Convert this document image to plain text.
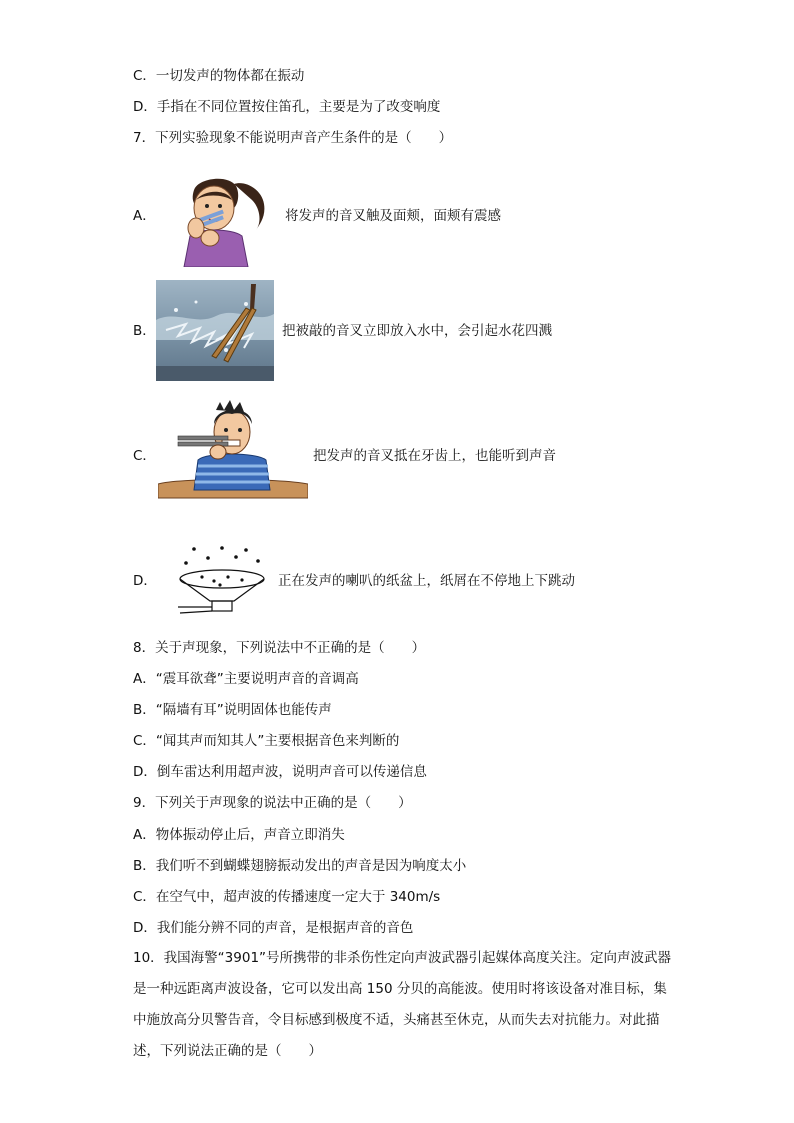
C．一切发声的物体都在振动
D．手指在不同位置按住笛孔，主要是为了改变响度
7．下列实验现象不能说明声音产生条件的是（　　）
A．	将发声的音叉触及面颊，面颊有震感
B．	把被敲的音叉立即放入水中，会引起水花四溅
C．	把发声的音叉抵在牙齿上，也能听到声音
D．	正在发声的喇叭的纸盆上，纸屑在不停地上下跳动
8．关于声现象，下列说法中不正确的是（　　）
A．“震耳欲聋”主要说明声音的音调高
B．“隔墙有耳”说明固体也能传声
C．“闻其声而知其人”主要根据音色来判断的
D．倒车雷达利用超声波，说明声音可以传递信息
9．下列关于声现象的说法中正确的是（　　）
A．物体振动停止后，声音立即消失
B．我们听不到蝴蝶翅膀振动发出的声音是因为响度太小
C．在空气中，超声波的传播速度一定大于 340m/s
D．我们能分辨不同的声音，是根据声音的音色
10．我国海警“3901”号所携带的非杀伤性定向声波武器引起媒体高度关注。定向声波武器是一种远距离声波设备，它可以发出高 150 分贝的高能波。使用时将该设备对准目标，集中施放高分贝警告音，令目标感到极度不适，头痛甚至休克，从而失去对抗能力。对此描述，下列说法正确的是（　　）
